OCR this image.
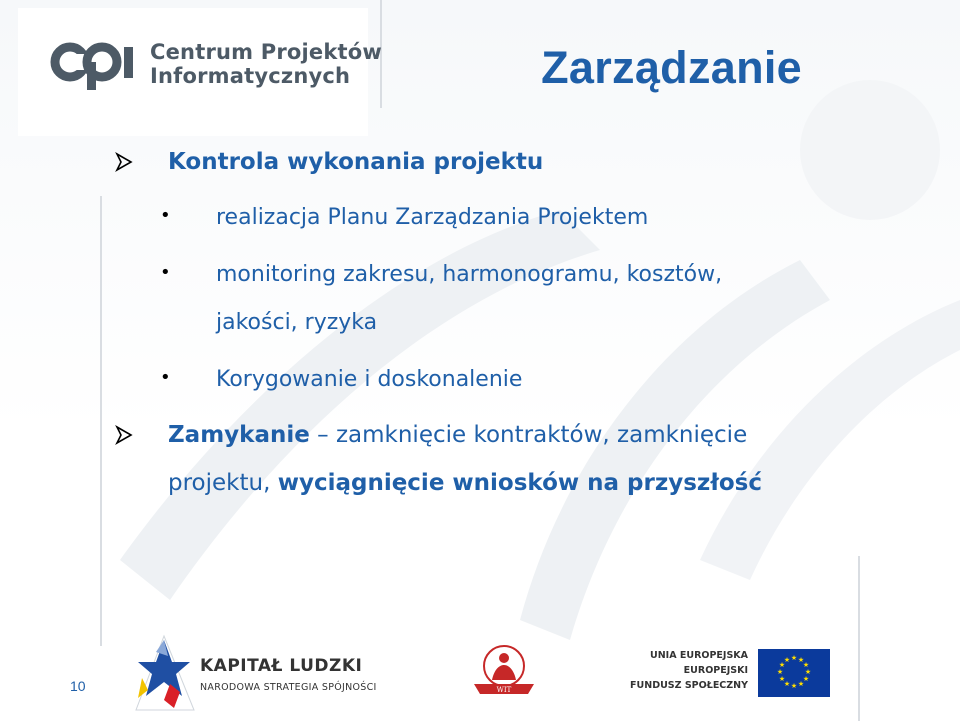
Centrum Projektów
Informatycznych	Zarządzanie
Kontrola wykonania projektu
• realizacja Planu Zarządzania Projektem
• monitoring zakresu, harmonogramu, kosztów,
jakości, ryzyka
• Korygowanie i doskonalenie
Zamykanie – zamknięcie kontraktów, zamknięcie
projektu, wyciągnięcie wniosków na przyszłość
10
KAPITAŁ LUDZKI
NARODOWA STRATEGIA SPÓJNOŚCI	WIT
UNIA EUROPEJSKA
EUROPEJSKI
FUNDUSZ SPOŁECZNY
★ ★
★
★
★
★
★
★
★
★
★
★
